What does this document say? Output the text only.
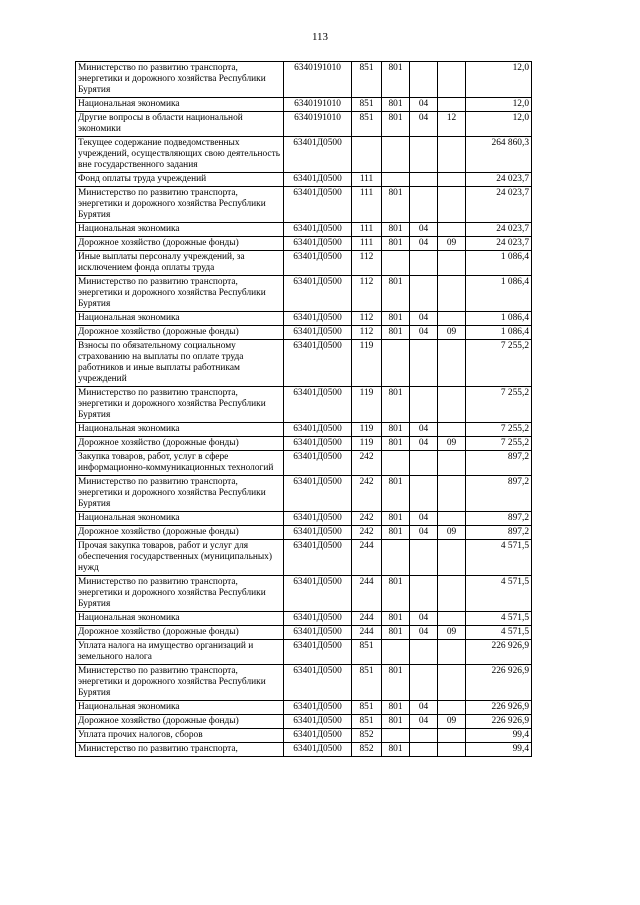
113
Министерство по развитию транспорта, энергетики и дорожного хозяйства Республики Бурятия	6340191010	851	801			12,0
Национальная экономика	6340191010	851	801	04		12,0
Другие вопросы в области национальной экономики	6340191010	851	801	04	12	12,0
Текущее содержание подведомственных учреждений, осуществляющих свою деятельность вне государственного задания	63401Д0500					264 860,3
Фонд оплаты труда учреждений	63401Д0500	111				24 023,7
Министерство по развитию транспорта, энергетики и дорожного хозяйства Республики Бурятия	63401Д0500	111	801			24 023,7
Национальная экономика	63401Д0500	111	801	04		24 023,7
Дорожное хозяйство (дорожные фонды)	63401Д0500	111	801	04	09	24 023,7
Иные выплаты персоналу учреждений, за исключением фонда оплаты труда	63401Д0500	112				1 086,4
Министерство по развитию транспорта, энергетики и дорожного хозяйства Республики Бурятия	63401Д0500	112	801			1 086,4
Национальная экономика	63401Д0500	112	801	04		1 086,4
Дорожное хозяйство (дорожные фонды)	63401Д0500	112	801	04	09	1 086,4
Взносы по обязательному социальному страхованию на выплаты по оплате труда работников и иные выплаты работникам учреждений	63401Д0500	119				7 255,2
Министерство по развитию транспорта, энергетики и дорожного хозяйства Республики Бурятия	63401Д0500	119	801			7 255,2
Национальная экономика	63401Д0500	119	801	04		7 255,2
Дорожное хозяйство (дорожные фонды)	63401Д0500	119	801	04	09	7 255,2
Закупка товаров, работ, услуг в сфере информационно-коммуникационных технологий	63401Д0500	242				897,2
Министерство по развитию транспорта, энергетики и дорожного хозяйства Республики Бурятия	63401Д0500	242	801			897,2
Национальная экономика	63401Д0500	242	801	04		897,2
Дорожное хозяйство (дорожные фонды)	63401Д0500	242	801	04	09	897,2
Прочая закупка товаров, работ и услуг для обеспечения государственных (муниципальных) нужд	63401Д0500	244				4 571,5
Министерство по развитию транспорта, энергетики и дорожного хозяйства Республики Бурятия	63401Д0500	244	801			4 571,5
Национальная экономика	63401Д0500	244	801	04		4 571,5
Дорожное хозяйство (дорожные фонды)	63401Д0500	244	801	04	09	4 571,5
Уплата налога на имущество организаций и земельного налога	63401Д0500	851				226 926,9
Министерство по развитию транспорта, энергетики и дорожного хозяйства Республики Бурятия	63401Д0500	851	801			226 926,9
Национальная экономика	63401Д0500	851	801	04		226 926,9
Дорожное хозяйство (дорожные фонды)	63401Д0500	851	801	04	09	226 926,9
Уплата прочих налогов, сборов	63401Д0500	852				99,4
Министерство по развитию транспорта,	63401Д0500	852	801			99,4
